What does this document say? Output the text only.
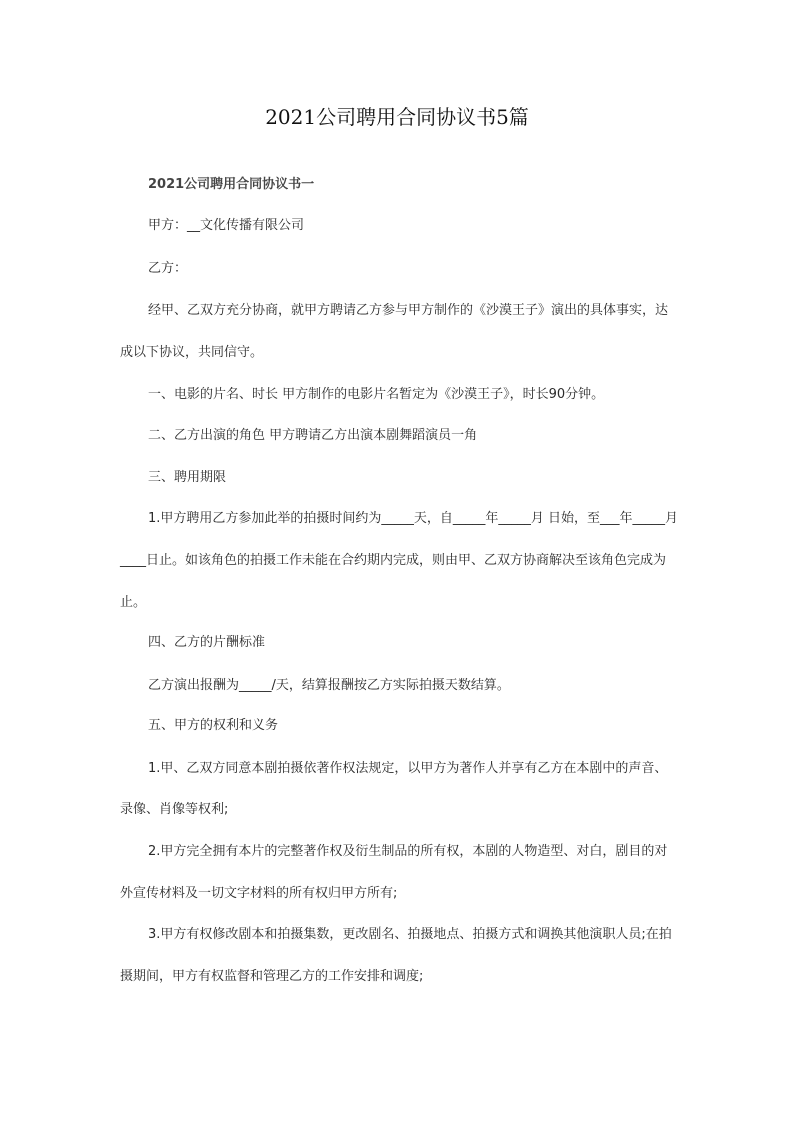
2021公司聘用合同协议书5篇
2021公司聘用合同协议书一
甲方：__文化传播有限公司
乙方：
经甲、乙双方充分协商，就甲方聘请乙方参与甲方制作的《沙漠王子》演出的具体事实，达
成以下协议，共同信守。
一、电影的片名、时长 甲方制作的电影片名暂定为《沙漠王子》，时长90分钟。
二、乙方出演的角色 甲方聘请乙方出演本剧舞蹈演员一角
三、聘用期限
1.甲方聘用乙方参加此举的拍摄时间约为_____天，自_____年_____月 日始，至___年_____月
____日止。如该角色的拍摄工作未能在合约期内完成，则由甲、乙双方协商解决至该角色完成为
止。
四、乙方的片酬标准
乙方演出报酬为_____/天，结算报酬按乙方实际拍摄天数结算。
五、甲方的权利和义务
1.甲、乙双方同意本剧拍摄依著作权法规定，以甲方为著作人并享有乙方在本剧中的声音、
录像、肖像等权利;
2.甲方完全拥有本片的完整著作权及衍生制品的所有权，本剧的人物造型、对白，剧目的对
外宣传材料及一切文字材料的所有权归甲方所有;
3.甲方有权修改剧本和拍摄集数，更改剧名、拍摄地点、拍摄方式和调换其他演职人员;在拍
摄期间，甲方有权监督和管理乙方的工作安排和调度;
